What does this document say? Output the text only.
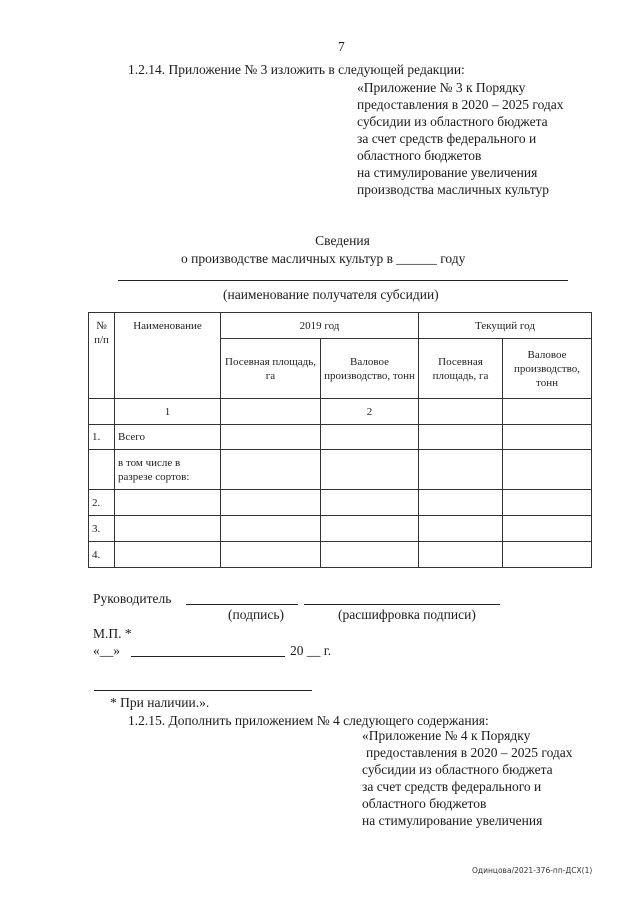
7
1.2.14. Приложение № 3 изложить в следующей редакции:
«Приложение № 3 к Порядку
предоставления в 2020 – 2025 годах
субсидии из областного бюджета
за счет средств федерального и
областного бюджетов
на стимулирование увеличения
производства масличных культур
Сведения
о производстве масличных культур в ______ году
(наименование получателя субсидии)
№ п/п	Наименование	2019 год		Текущий год	
		Посевная площадь, га	Валовое производство, тонн	Посевная площадь, га	Валовое производство, тонн
	1		2		
1.	Всего				
	в том числе в разрезе сортов:				
2.					
3.					
4.					
Руководитель
(подпись)	(расшифровка подписи)
М.П. *
«__»	20 __ г.
* При наличии.».
1.2.15. Дополнить приложением № 4 следующего содержания:
«Приложение № 4 к Порядку
предоставления в 2020 – 2025 годах
субсидии из областного бюджета
за счет средств федерального и
областного бюджетов
на стимулирование увеличения
Одинцова/2021-376-пп-ДСХ(1)
